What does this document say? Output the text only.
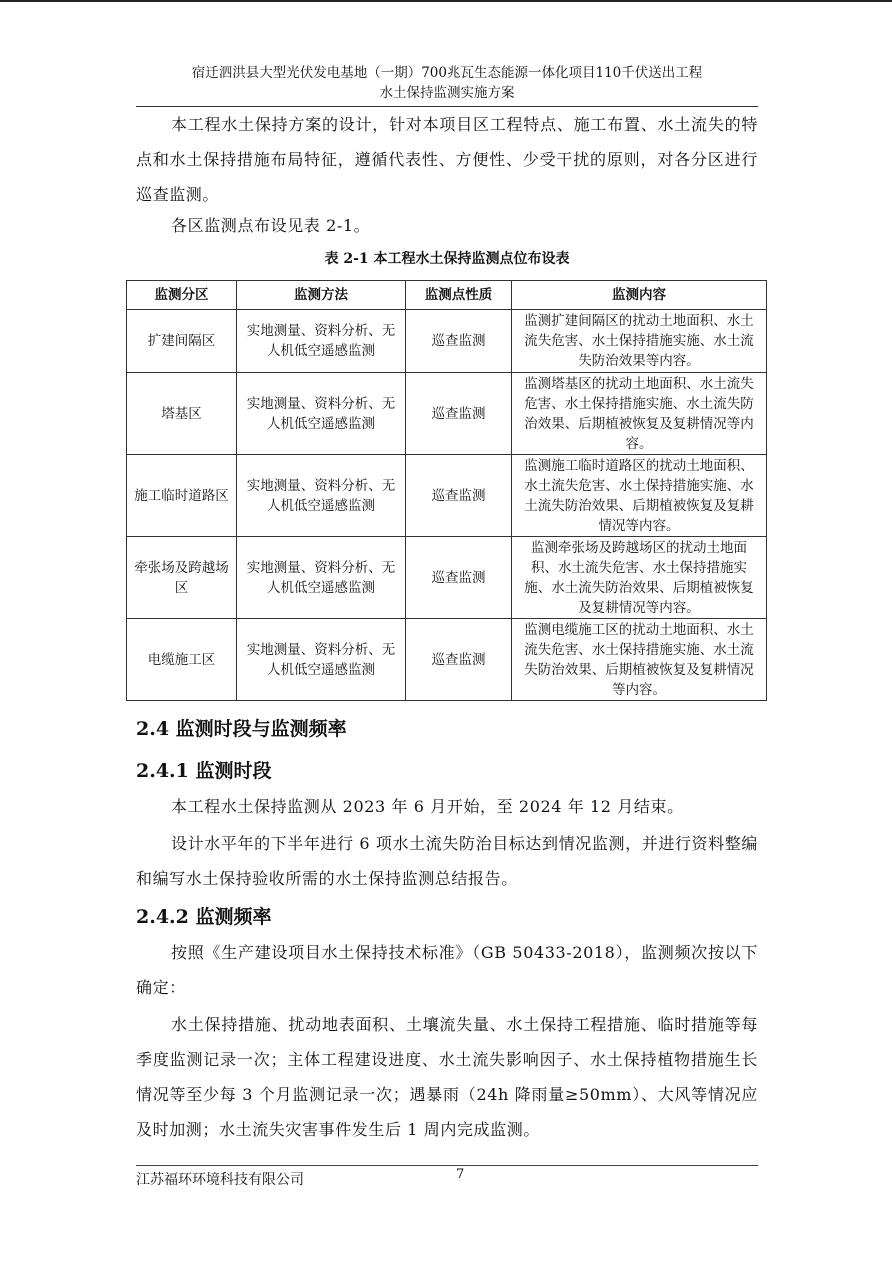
宿迁泗洪县大型光伏发电基地（一期）700兆瓦生态能源一体化项目110千伏送出工程
水土保持监测实施方案

本工程水土保持方案的设计，针对本项目区工程特点、施工布置、水土流失的特点和水土保持措施布局特征，遵循代表性、方便性、少受干扰的原则，对各分区进行巡查监测。

各区监测点布设见表 2-1。

表 2-1 本工程水土保持监测点位布设表
监测分区	监测方法	监测点性质	监测内容
扩建间隔区	实地测量、资料分析、无人机低空遥感监测	巡查监测	监测扩建间隔区的扰动土地面积、水土流失危害、水土保持措施实施、水土流失防治效果等内容。
塔基区	实地测量、资料分析、无人机低空遥感监测	巡查监测	监测塔基区的扰动土地面积、水土流失危害、水土保持措施实施、水土流失防治效果、后期植被恢复及复耕情况等内容。
施工临时道路区	实地测量、资料分析、无人机低空遥感监测	巡查监测	监测施工临时道路区的扰动土地面积、水土流失危害、水土保持措施实施、水土流失防治效果、后期植被恢复及复耕情况等内容。
牵张场及跨越场区	实地测量、资料分析、无人机低空遥感监测	巡查监测	监测牵张场及跨越场区的扰动土地面积、水土流失危害、水土保持措施实施、水土流失防治效果、后期植被恢复及复耕情况等内容。
电缆施工区	实地测量、资料分析、无人机低空遥感监测	巡查监测	监测电缆施工区的扰动土地面积、水土流失危害、水土保持措施实施、水土流失防治效果、后期植被恢复及复耕情况等内容。
2.4 监测时段与监测频率
2.4.1 监测时段

本工程水土保持监测从 2023 年 6 月开始，至 2024 年 12 月结束。

设计水平年的下半年进行 6 项水土流失防治目标达到情况监测，并进行资料整编和编写水土保持验收所需的水土保持监测总结报告。

2.4.2 监测频率

按照《生产建设项目水土保持技术标准》（GB 50433-2018），监测频次按以下确定：

水土保持措施、扰动地表面积、土壤流失量、水土保持工程措施、临时措施等每季度监测记录一次；主体工程建设进度、水土流失影响因子、水土保持植物措施生长情况等至少每 3 个月监测记录一次；遇暴雨（24h 降雨量≥50mm）、大风等情况应及时加测；水土流失灾害事件发生后 1 周内完成监测。

江苏福环环境科技有限公司	7
